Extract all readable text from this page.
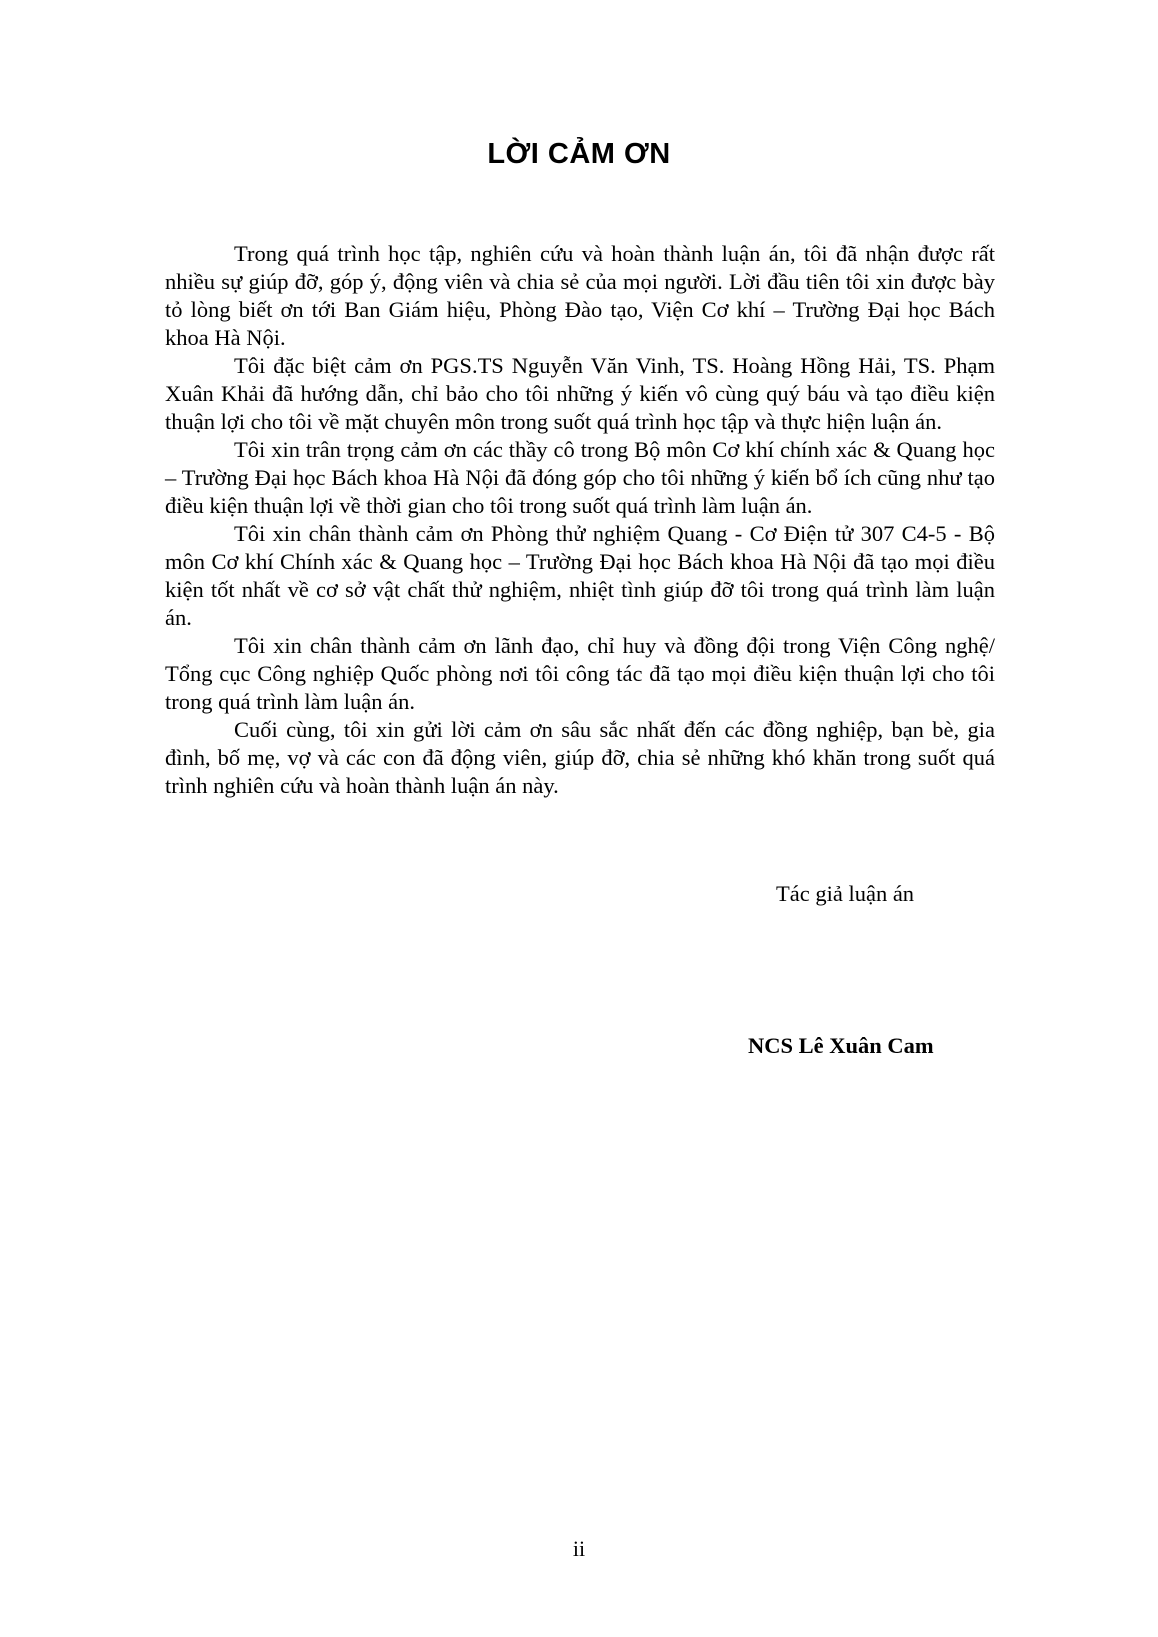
LỜI CẢM ƠN

Trong quá trình học tập, nghiên cứu và hoàn thành luận án, tôi đã nhận được rất nhiều sự giúp đỡ, góp ý, động viên và chia sẻ của mọi người. Lời đầu tiên tôi xin được bày tỏ lòng biết ơn tới Ban Giám hiệu, Phòng Đào tạo, Viện Cơ khí – Trường Đại học Bách khoa Hà Nội.

Tôi đặc biệt cảm ơn PGS.TS Nguyễn Văn Vinh, TS. Hoàng Hồng Hải, TS. Phạm Xuân Khải đã hướng dẫn, chỉ bảo cho tôi những ý kiến vô cùng quý báu và tạo điều kiện thuận lợi cho tôi về mặt chuyên môn trong suốt quá trình học tập và thực hiện luận án.

Tôi xin trân trọng cảm ơn các thầy cô trong Bộ môn Cơ khí chính xác & Quang học – Trường Đại học Bách khoa Hà Nội đã đóng góp cho tôi những ý kiến bổ ích cũng như tạo điều kiện thuận lợi về thời gian cho tôi trong suốt quá trình làm luận án.

Tôi xin chân thành cảm ơn Phòng thử nghiệm Quang - Cơ Điện tử 307 C4-5 - Bộ môn Cơ khí Chính xác & Quang học – Trường Đại học Bách khoa Hà Nội đã tạo mọi điều kiện tốt nhất về cơ sở vật chất thử nghiệm, nhiệt tình giúp đỡ tôi trong quá trình làm luận án.

Tôi xin chân thành cảm ơn lãnh đạo, chỉ huy và đồng đội trong Viện Công nghệ/ Tổng cục Công nghiệp Quốc phòng nơi tôi công tác đã tạo mọi điều kiện thuận lợi cho tôi trong quá trình làm luận án.

Cuối cùng, tôi xin gửi lời cảm ơn sâu sắc nhất đến các đồng nghiệp, bạn bè, gia đình, bố mẹ, vợ và các con đã động viên, giúp đỡ, chia sẻ những khó khăn trong suốt quá trình nghiên cứu và hoàn thành luận án này.

Tác giả luận án
NCS Lê Xuân Cam
ii
